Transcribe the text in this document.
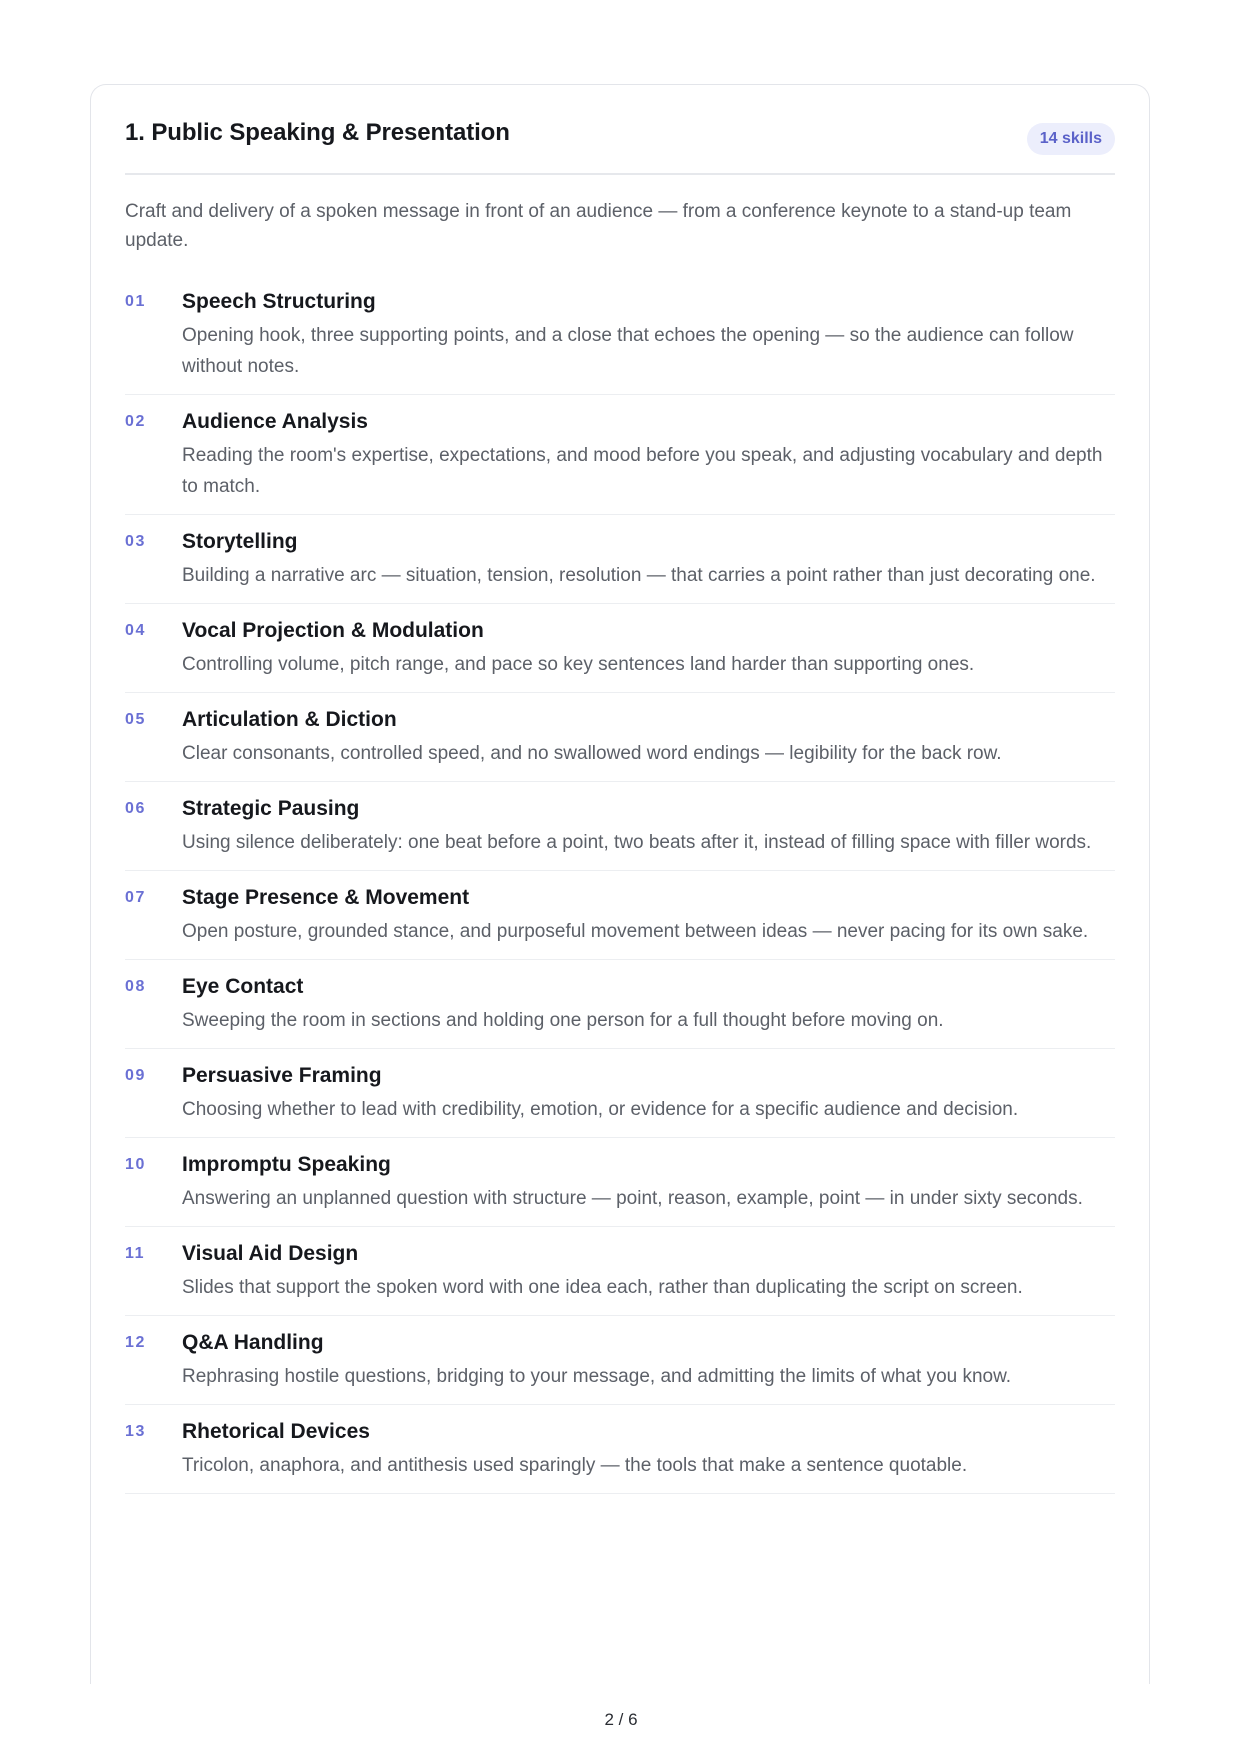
1. Public Speaking & Presentation	14 skills

Craft and delivery of a spoken message in front of an audience — from a conference keynote to a stand-up team update.

01	Speech Structuring

Opening hook, three supporting points, and a close that echoes the opening — so the audience can follow without notes.

02	Audience Analysis

Reading the room's expertise, expectations, and mood before you speak, and adjusting vocabulary and depth to match.

03	Storytelling

Building a narrative arc — situation, tension, resolution — that carries a point rather than just decorating one.

04	Vocal Projection & Modulation

Controlling volume, pitch range, and pace so key sentences land harder than supporting ones.

05	Articulation & Diction

Clear consonants, controlled speed, and no swallowed word endings — legibility for the back row.

06	Strategic Pausing

Using silence deliberately: one beat before a point, two beats after it, instead of filling space with filler words.

07	Stage Presence & Movement

Open posture, grounded stance, and purposeful movement between ideas — never pacing for its own sake.

08	Eye Contact

Sweeping the room in sections and holding one person for a full thought before moving on.

09	Persuasive Framing

Choosing whether to lead with credibility, emotion, or evidence for a specific audience and decision.

10	Impromptu Speaking

Answering an unplanned question with structure — point, reason, example, point — in under sixty seconds.

11	Visual Aid Design

Slides that support the spoken word with one idea each, rather than duplicating the script on screen.

12	Q&A Handling

Rephrasing hostile questions, bridging to your message, and admitting the limits of what you know.

13	Rhetorical Devices

Tricolon, anaphora, and antithesis used sparingly — the tools that make a sentence quotable.

2 / 6
